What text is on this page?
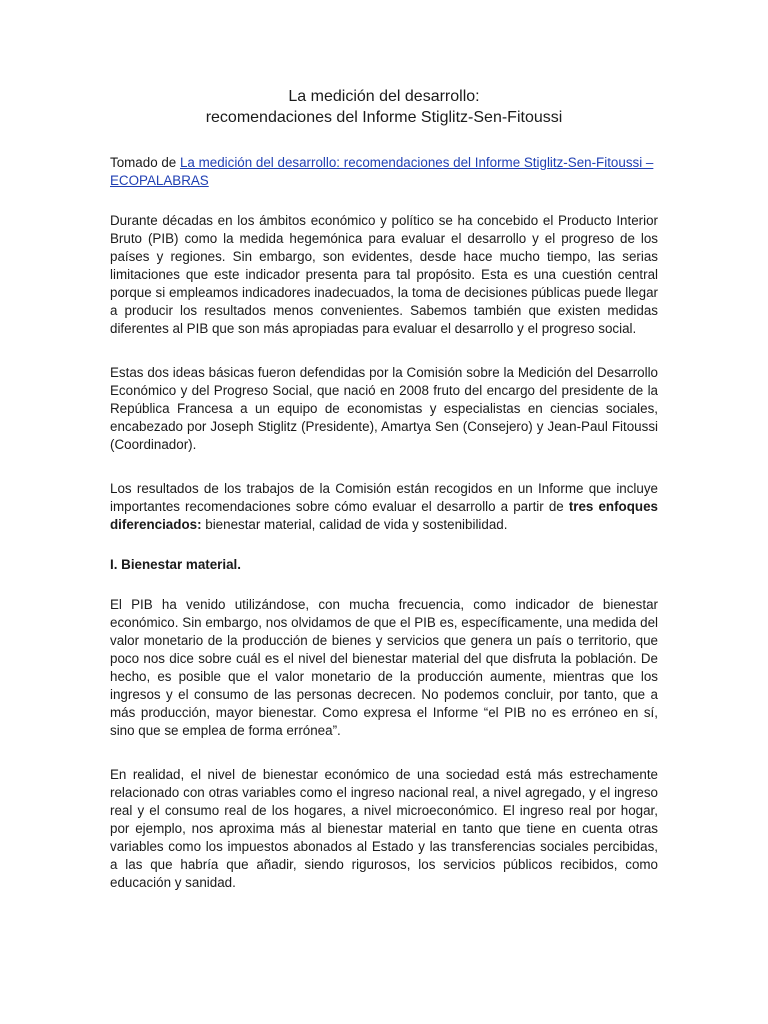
La medición del desarrollo:
recomendaciones del Informe Stiglitz-Sen-Fitoussi
Tomado de La medición del desarrollo: recomendaciones del Informe Stiglitz-Sen-Fitoussi – ECOPALABRAS

Durante décadas en los ámbitos económico y político se ha concebido el Producto Interior Bruto (PIB) como la medida hegemónica para evaluar el desarrollo y el progreso de los países y regiones. Sin embargo, son evidentes, desde hace mucho tiempo, las serias limitaciones que este indicador presenta para tal propósito. Esta es una cuestión central porque si empleamos indicadores inadecuados, la toma de decisiones públicas puede llegar a producir los resultados menos convenientes. Sabemos también que existen medidas diferentes al PIB que son más apropiadas para evaluar el desarrollo y el progreso social.

Estas dos ideas básicas fueron defendidas por la Comisión sobre la Medición del Desarrollo Económico y del Progreso Social, que nació en 2008 fruto del encargo del presidente de la República Francesa a un equipo de economistas y especialistas en ciencias sociales, encabezado por Joseph Stiglitz (Presidente), Amartya Sen (Consejero) y Jean-Paul Fitoussi (Coordinador).

Los resultados de los trabajos de la Comisión están recogidos en un Informe que incluye importantes recomendaciones sobre cómo evaluar el desarrollo a partir de tres enfoques diferenciados: bienestar material, calidad de vida y sostenibilidad.

I. Bienestar material.

El PIB ha venido utilizándose, con mucha frecuencia, como indicador de bienestar económico. Sin embargo, nos olvidamos de que el PIB es, específicamente, una medida del valor monetario de la producción de bienes y servicios que genera un país o territorio, que poco nos dice sobre cuál es el nivel del bienestar material del que disfruta la población. De hecho, es posible que el valor monetario de la producción aumente, mientras que los ingresos y el consumo de las personas decrecen. No podemos concluir, por tanto, que a más producción, mayor bienestar. Como expresa el Informe “el PIB no es erróneo en sí, sino que se emplea de forma errónea”.

En realidad, el nivel de bienestar económico de una sociedad está más estrechamente relacionado con otras variables como el ingreso nacional real, a nivel agregado, y el ingreso real y el consumo real de los hogares, a nivel microeconómico. El ingreso real por hogar, por ejemplo, nos aproxima más al bienestar material en tanto que tiene en cuenta otras variables como los impuestos abonados al Estado y las transferencias sociales percibidas, a las que habría que añadir, siendo rigurosos, los servicios públicos recibidos, como educación y sanidad.
